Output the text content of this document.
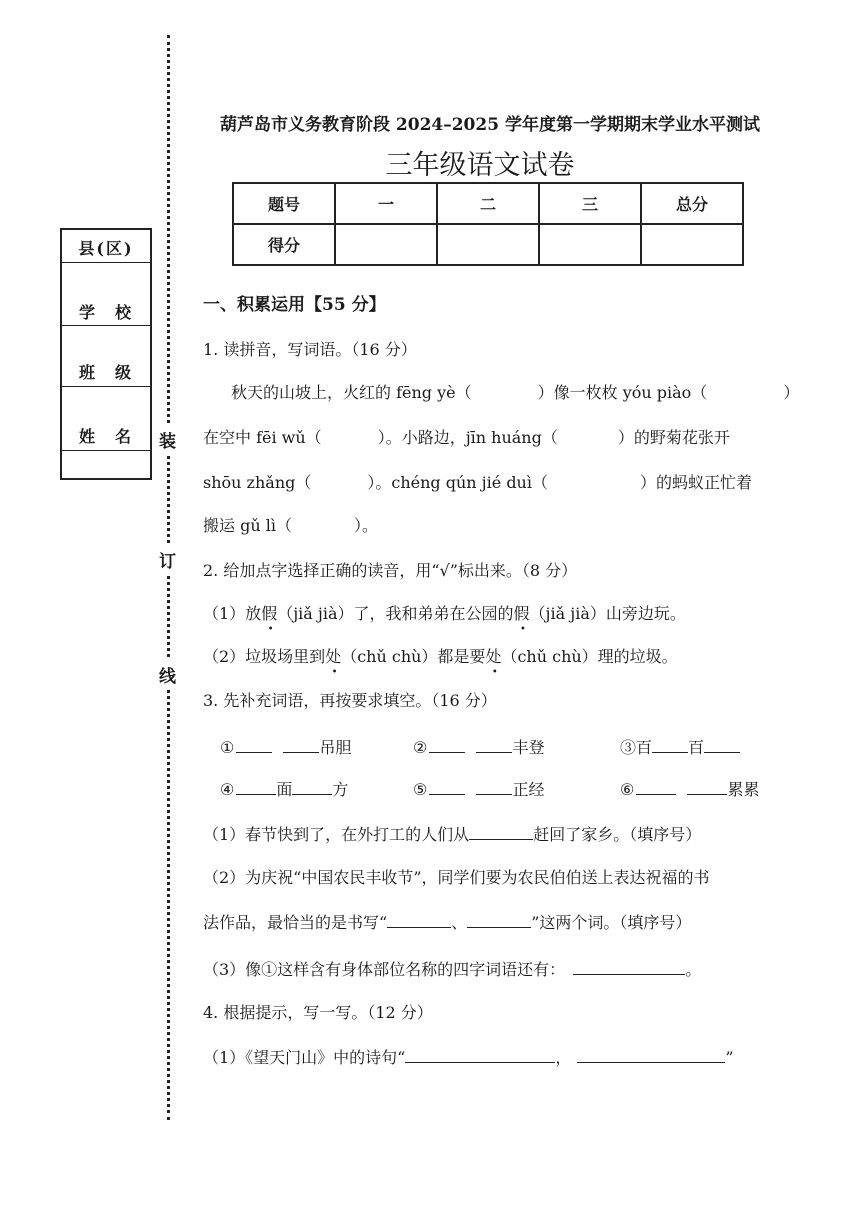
装
订
线
县(区)
学　校
班　级
姓　名
葫芦岛市义务教育阶段 2024–2025 学年度第一学期期末学业水平测试
三年级语文试卷
题号	一	二	三	总分
得分				
一、积累运用【55 分】
1. 读拼音，写词语。（16 分）
秋天的山坡上，火红的 fēng yè（	）像一枚枚 yóu piào（	）
在空中 fēi wǔ（	）。小路边，jīn huáng（	）的野菊花张开
shōu zhǎng（	）。chéng qún jié duì（	）的蚂蚁正忙着
搬运 gǔ lì（	）。
2. 给加点字选择正确的读音，用“√”标出来。（8 分）
（1）放假（jiǎ jià）了，我和弟弟在公园的假（jiǎ jià）山旁边玩。
（2）垃圾场里到处（chǔ chù）都是要处（chǔ chù）理的垃圾。
3. 先补充词语，再按要求填空。（16 分）
①	吊胆	②	丰登	③百 百
④	面	方	⑤	正经	⑥	累累
（1）春节快到了，在外打工的人们从	赶回了家乡。（填序号）
（2）为庆祝“中国农民丰收节”，同学们要为农民伯伯送上表达祝福的书
法作品，最恰当的是书写“	、	”这两个词。（填序号）
（3）像①这样含有身体部位名称的四字词语还有：	。
4. 根据提示，写一写。（12 分）
（1）《望天门山》中的诗句“	，	”
